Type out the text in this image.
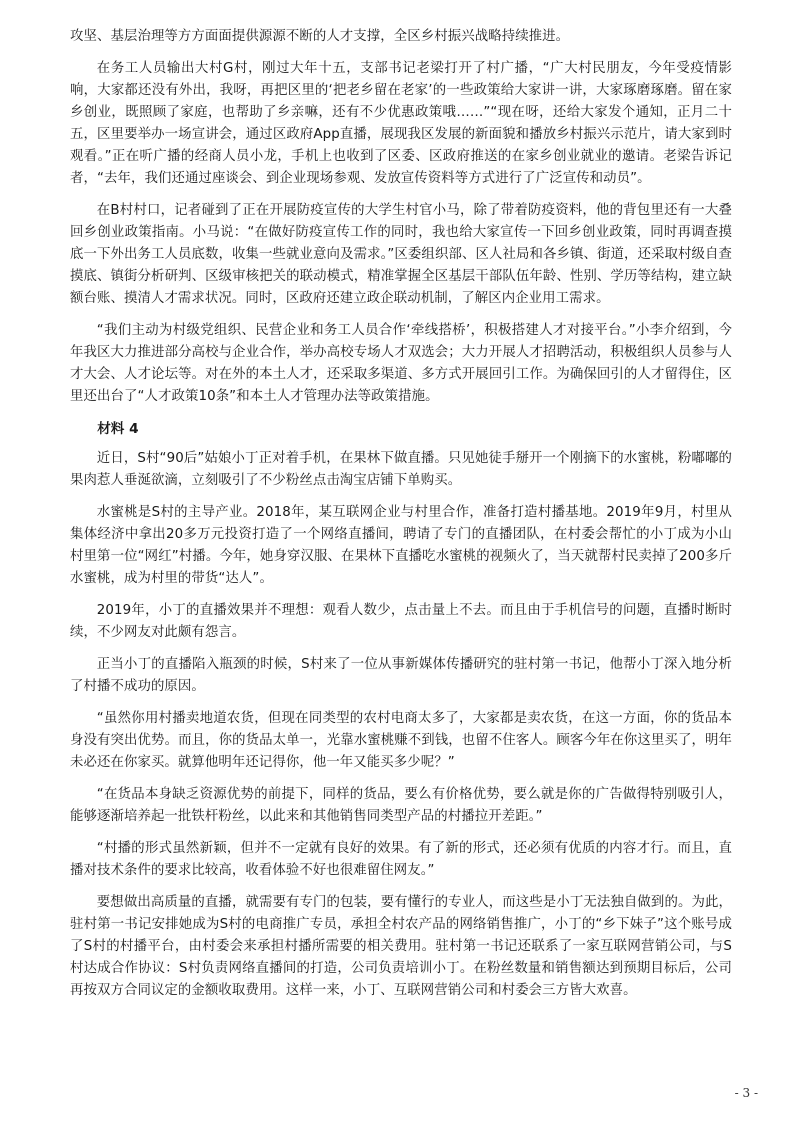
攻坚、基层治理等方方面面提供源源不断的人才支撑，全区乡村振兴战略持续推进。

在务工人员输出大村G村，刚过大年十五，支部书记老梁打开了村广播，“广大村民朋友，今年受疫情影响，大家都还没有外出，我呀，再把区里的‘把老乡留在老家’的一些政策给大家讲一讲，大家琢磨琢磨。留在家乡创业，既照顾了家庭，也帮助了乡亲嘛，还有不少优惠政策哦……”“现在呀，还给大家发个通知，正月二十五，区里要举办一场宣讲会，通过区政府App直播，展现我区发展的新面貌和播放乡村振兴示范片，请大家到时观看。”正在听广播的经商人员小龙，手机上也收到了区委、区政府推送的在家乡创业就业的邀请。老梁告诉记者，“去年，我们还通过座谈会、到企业现场参观、发放宣传资料等方式进行了广泛宣传和动员”。

在B村村口，记者碰到了正在开展防疫宣传的大学生村官小马，除了带着防疫资料，他的背包里还有一大叠回乡创业政策指南。小马说：“在做好防疫宣传工作的同时，我也给大家宣传一下回乡创业政策，同时再调查摸底一下外出务工人员底数，收集一些就业意向及需求。”区委组织部、区人社局和各乡镇、街道，还采取村级自查摸底、镇街分析研判、区级审核把关的联动模式，精准掌握全区基层干部队伍年龄、性别、学历等结构，建立缺额台账、摸清人才需求状况。同时，区政府还建立政企联动机制，了解区内企业用工需求。

“我们主动为村级党组织、民营企业和务工人员合作‘牵线搭桥’，积极搭建人才对接平台。”小李介绍到，今年我区大力推进部分高校与企业合作，举办高校专场人才双选会；大力开展人才招聘活动，积极组织人员参与人才大会、人才论坛等。对在外的本土人才，还采取多渠道、多方式开展回引工作。为确保回引的人才留得住，区里还出台了“人才政策10条”和本土人才管理办法等政策措施。

材料 4

近日，S村“90后”姑娘小丁正对着手机，在果林下做直播。只见她徒手掰开一个刚摘下的水蜜桃，粉嘟嘟的果肉惹人垂涎欲滴，立刻吸引了不少粉丝点击淘宝店铺下单购买。

水蜜桃是S村的主导产业。2018年，某互联网企业与村里合作，准备打造村播基地。2019年9月，村里从集体经济中拿出20多万元投资打造了一个网络直播间，聘请了专门的直播团队，在村委会帮忙的小丁成为小山村里第一位“网红”村播。今年，她身穿汉服、在果林下直播吃水蜜桃的视频火了，当天就帮村民卖掉了200多斤水蜜桃，成为村里的带货“达人”。

2019年，小丁的直播效果并不理想：观看人数少，点击量上不去。而且由于手机信号的问题，直播时断时续，不少网友对此颇有怨言。

正当小丁的直播陷入瓶颈的时候，S村来了一位从事新媒体传播研究的驻村第一书记，他帮小丁深入地分析了村播不成功的原因。

“虽然你用村播卖地道农货，但现在同类型的农村电商太多了，大家都是卖农货，在这一方面，你的货品本身没有突出优势。而且，你的货品太单一，光靠水蜜桃赚不到钱，也留不住客人。顾客今年在你这里买了，明年未必还在你家买。就算他明年还记得你，他一年又能买多少呢？”

“在货品本身缺乏资源优势的前提下，同样的货品，要么有价格优势，要么就是你的广告做得特别吸引人，能够逐渐培养起一批铁杆粉丝，以此来和其他销售同类型产品的村播拉开差距。”

“村播的形式虽然新颖，但并不一定就有良好的效果。有了新的形式，还必须有优质的内容才行。而且，直播对技术条件的要求比较高，收看体验不好也很难留住网友。”

要想做出高质量的直播，就需要有专门的包装，要有懂行的专业人，而这些是小丁无法独自做到的。为此，驻村第一书记安排她成为S村的电商推广专员，承担全村农产品的网络销售推广，小丁的“乡下妹子”这个账号成了S村的村播平台，由村委会来承担村播所需要的相关费用。驻村第一书记还联系了一家互联网营销公司，与S村达成合作协议：S村负责网络直播间的打造，公司负责培训小丁。在粉丝数量和销售额达到预期目标后，公司再按双方合同议定的金额收取费用。这样一来，小丁、互联网营销公司和村委会三方皆大欢喜。

- 3 -
